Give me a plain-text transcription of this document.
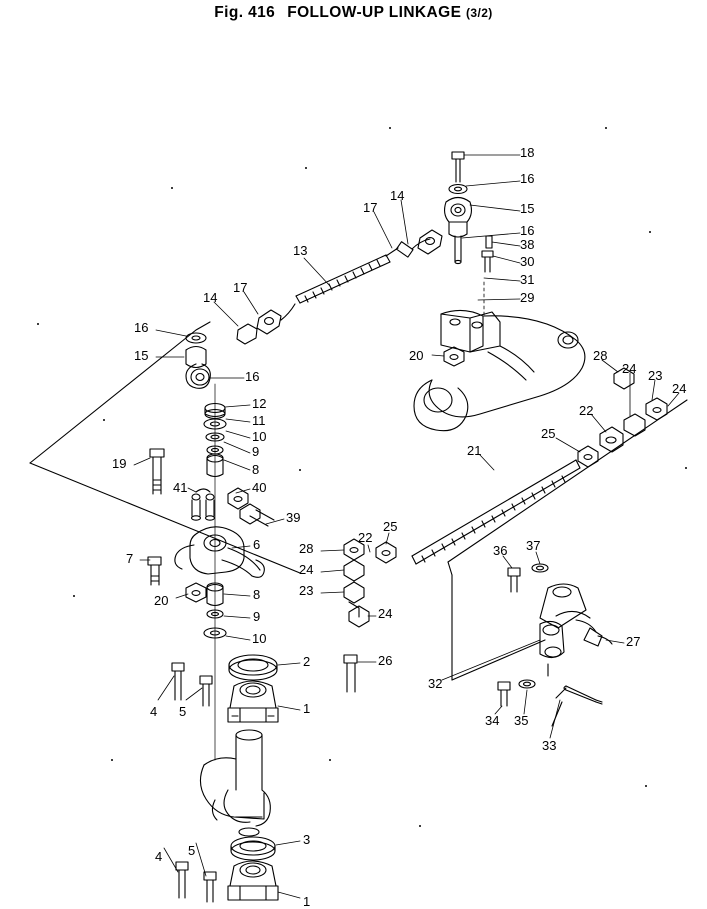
Fig. 416 FOLLOW-UP LINKAGE (3/2)
18
16
15
16
38
30
31
29
20
14
17
13
17
14
16
15
16
12
11
10
9
8
19
41	40
39
6
7
20	8
9
10
2
4 5	1
3
4 5
1
28
24 23
24
22
25
21
28
25
22
24
23
24
26
36 37
27
32
34 35
33
